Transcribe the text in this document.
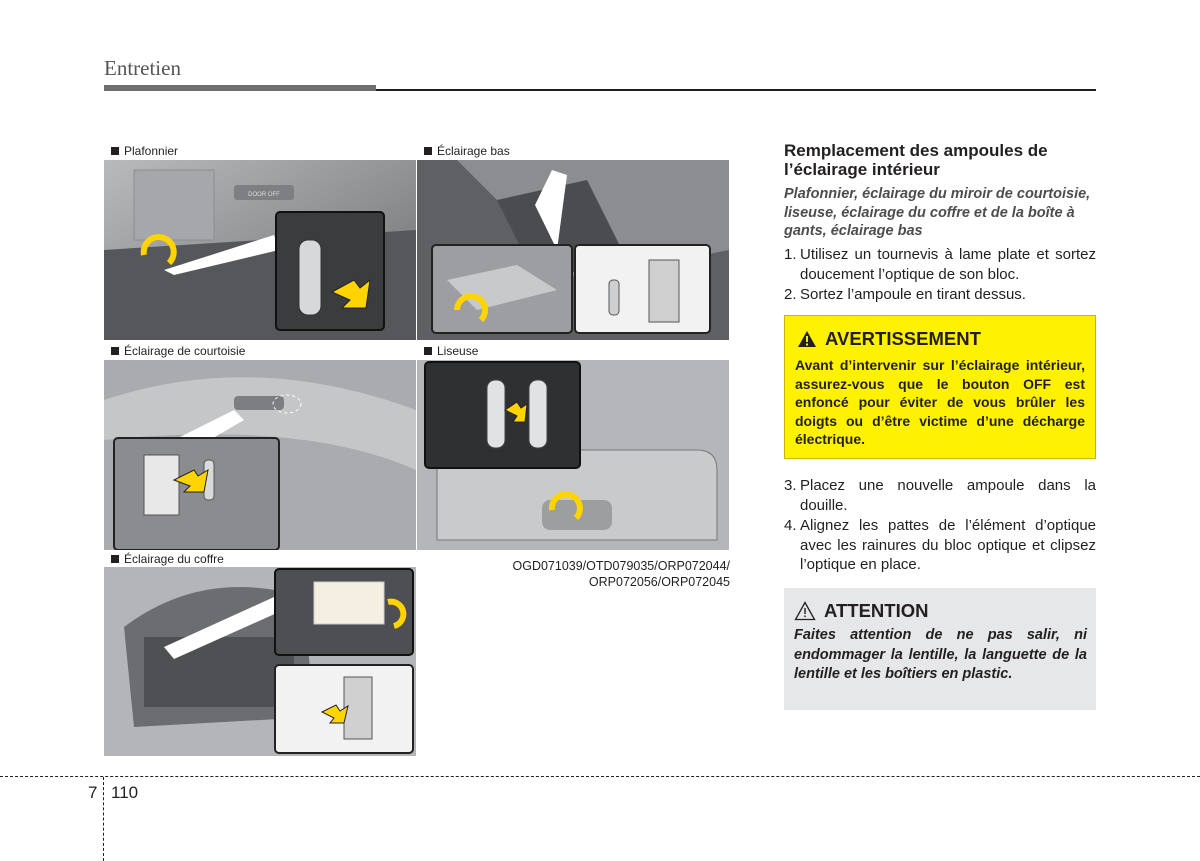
Entretien
Plafonnier	Éclairage bas
Éclairage de courtoisie	Liseuse
Éclairage du coffre
DOOR OFF
OGD071039/OTD079035/ORP072044/
ORP072056/ORP072045
Remplacement des ampoules de l’éclairage intérieur
Plafonnier, éclairage du miroir de courtoisie, liseuse, éclairage du coffre et de la boîte à gants, éclairage bas
1. Utilisez un tournevis à lame plate et sortez doucement l’optique de son bloc.
2. Sortez l’ampoule en tirant dessus.
AVERTISSEMENT
Avant d’intervenir sur l’éclairage intérieur, assurez-vous que le bouton OFF est enfoncé pour éviter de vous brûler les doigts ou d’être victime d’une décharge électrique.
3. Placez une nouvelle ampoule dans la douille.
4. Alignez les pattes de l’élément d’optique avec les rainures du bloc optique et clipsez l’optique en place.
ATTENTION
Faites attention de ne pas salir, ni endommager la lentille, la languette de la lentille et les boîtiers en plastic.
7 110
